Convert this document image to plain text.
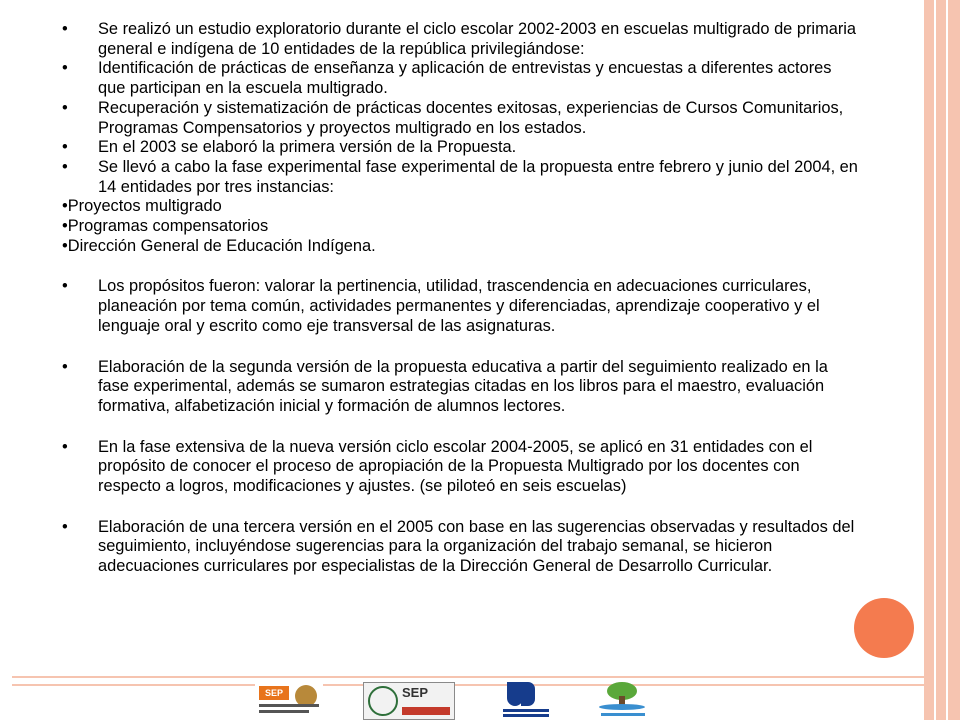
• Se realizó un estudio exploratorio durante el ciclo escolar 2002-2003 en escuelas multigrado de primaria general e indígena de 10 entidades de la república privilegiándose:
• Identificación de prácticas de enseñanza y aplicación de entrevistas y encuestas a diferentes actores que participan en la escuela multigrado.
• Recuperación y sistematización de prácticas docentes exitosas, experiencias de Cursos Comunitarios, Programas Compensatorios y proyectos multigrado en los estados.
• En el 2003 se elaboró la primera versión de la Propuesta.
• Se llevó a cabo la fase experimental fase experimental de la propuesta entre febrero y junio del 2004, en 14 entidades por tres instancias:
•Proyectos multigrado
•Programas compensatorios
•Dirección General de Educación Indígena.
• Los propósitos fueron: valorar la pertinencia, utilidad, trascendencia en adecuaciones curriculares, planeación por tema común, actividades permanentes y diferenciadas, aprendizaje cooperativo y el lenguaje oral y escrito como eje transversal de las asignaturas.
• Elaboración de la segunda versión de la propuesta educativa a partir del seguimiento realizado en la fase experimental, además se sumaron estrategias citadas en los libros para el maestro, evaluación formativa, alfabetización inicial y formación de alumnos lectores.
• En la fase extensiva de la nueva versión ciclo escolar 2004-2005, se aplicó en 31 entidades con el propósito de conocer el proceso de apropiación de la Propuesta Multigrado por los docentes con respecto a logros, modificaciones y ajustes. (se piloteó en seis escuelas)
• Elaboración de una tercera versión en el 2005 con base en las sugerencias observadas y resultados del seguimiento, incluyéndose sugerencias para la organización del trabajo semanal, se hicieron adecuaciones curriculares por especialistas de la Dirección General de Desarrollo Curricular.
SEP	SEP
